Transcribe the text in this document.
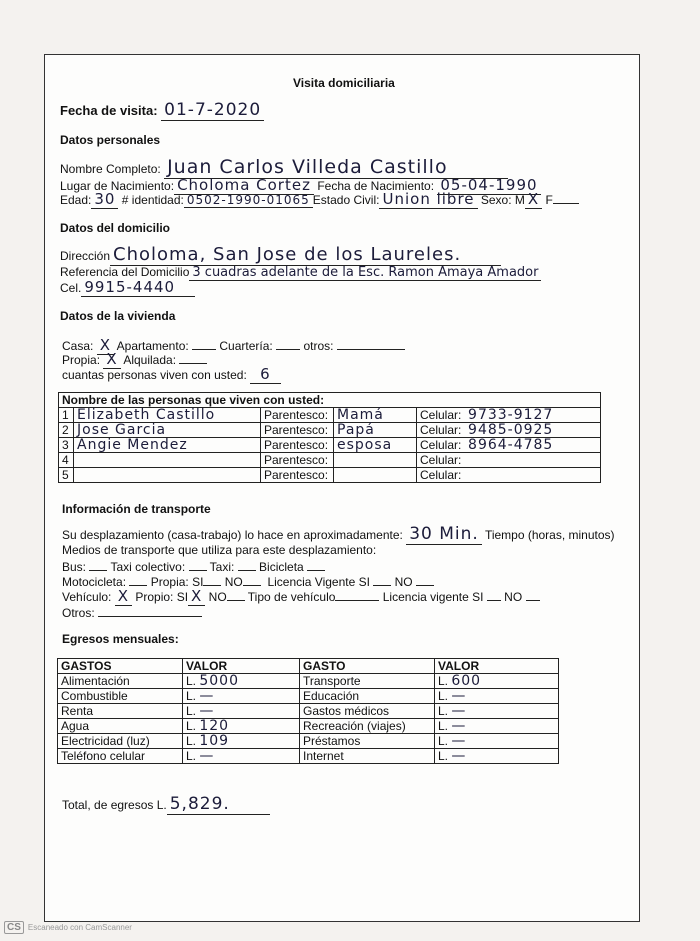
Visita domiciliaria
Fecha de visita: 01-7-2020
Datos personales
Nombre Completo: Juan Carlos Villeda Castillo
Lugar de Nacimiento: Choloma Cortez Fecha de Nacimiento: 05-04-1990
Edad: 30 # identidad: 0502-1990-01065 Estado Civil: Union libre Sexo: M X F
Datos del domicilio
Dirección Choloma, San Jose de los Laureles.
Referencia del Domicilio 3 cuadras adelante de la Esc. Ramon Amaya Amador
Cel. 9915-4440
Datos de la vivienda
Casa: X Apartamento:	Cuartería:	otros:
Propia: X Alquilada:
cuantas personas viven con usted: 6
Nombre de las personas que viven con usted:				
1	Elizabeth Castillo	Parentesco:	Mamá	Celular: 9733-9127
2	Jose Garcia	Parentesco:	Papá	Celular: 9485-0925
3	Angie Mendez	Parentesco:	esposa	Celular: 8964-4785
4		Parentesco:		Celular:
5		Parentesco:		Celular:
Información de transporte
Su desplazamiento (casa-trabajo) lo hace en aproximadamente: 30 Min. Tiempo (horas, minutos)
Medios de transporte que utiliza para este desplazamiento:
Bus: Taxi colectivo: Taxi: Bicicleta
Motocicleta: Propia: SI NO Licencia Vigente SI NO
Vehículo: X Propio: SI X NO Tipo de vehículo	Licencia vigente SI NO
Otros:
Egresos mensuales:
GASTOS	VALOR	GASTO	VALOR
Alimentación	L. 5000	Transporte	L. 600
Combustible	L. —	Educación	L. —
Renta	L. —	Gastos médicos	L. —
Agua	L. 120	Recreación (viajes)	L. —
Electricidad (luz)	L. 109	Préstamos	L. —
Teléfono celular	L. —	Internet	L. —
Total, de egresos L. 5,829.
CS Escaneado con CamScanner
